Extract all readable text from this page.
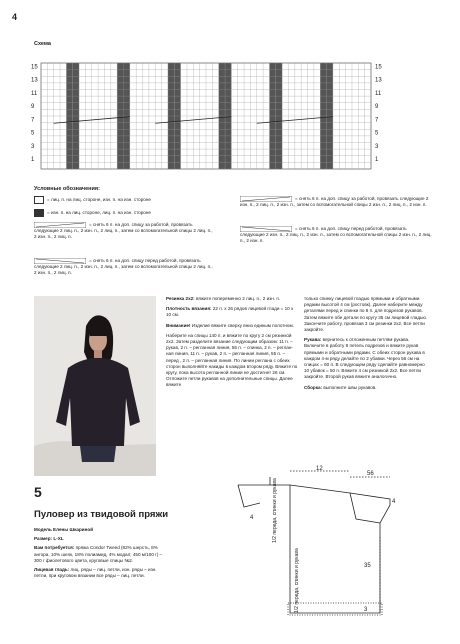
4
Схема
15
13
11
9
7
5
3
1
15
13
11
9
7
5
3
1
Условные обозначения:
= лиц. п. на лиц. стороне, изн. п. на изн. стороне
= изн. п. на лиц. стороне, лиц. п. на изн. стороне
= снять 6 п. на доп. спицу за работой, провязать следующие 2 лиц. п., 2 изн. п., 2 лиц. п., затем со вспомогательной спицы 2 лиц. п., 2 изн. п., 2 лиц. п.
= снять 6 п. на доп. спицу перед работой, провязать следующие 2 лиц. п., 2 изн. п., 2 лиц. п., затем со вспомогательной спицы 2 лиц. п., 2 изн. п., 2 лиц. п.
= снять 6 п. на доп. спицу за работой, провязать следующие 2 изн. п., 2 лиц. п., 2 изн. п., затем со вспомогательной спицы 2 изн. п., 2 лиц. п., 2 изн. п.
= снять 6 п. на доп. спицу перед работой, провязать следующие 2 изн. п., 2 лиц. п., 2 изн. п., затем со вспомогательной спицы 2 изн. п., 2 лиц. п., 2 изн. п.

Резинка 2х2: вяжите попеременно 2 лиц. п., 2 изн. п.

Плотность вязания: 22 п. х 26 рядов лицевой глади = 10 х 10 см.

Внимание! Изделие вяжите сверху вниз единым полотном.

Наберите на спицы 140 п. и вяжите по кругу 2 см резинкой 2х2. Затем разделите вязание следующим образом: 11 п. – рукав, 2 п. – регланная линия, 55 п. – спинка, 2 п. – регланная линия, 11 п. – рукав, 2 п. – регланная линия, 55 п. – перед , 2 п. – регланная линия. По линии реглана с обеих сторон выполняйте накиды в каждом втором ряду. Вяжите по кругу, пока высота регланной линии не достигнет 26 см. Отложите петли рукавов на дополнительные спицы. Далее вяжите

только спинку лицевой гладью прямыми и обратными рядами высотой 4 см (ростовк). Далее наберите между деталями перед и спинки по 8 п. для подрезов рукавов. Затем вяжите обе детали по кругу 35 см лицевой гладью. Закончите работу, провязав 3 см резинки 2х2. Все петли закройте.

Рукава: вернитесь к отложенным петлям рукава. Включите в работу 8 петель подрезов и вяжите рукав прямыми и обратными рядами. С обеих сторон рукава в каждом 4-м ряду делайте по 2 убавки. Через 56 см на спицах = 60 п. В следующем ряду сделайте равномерно 10 убавок = 50 п. Вяжите 4 см резинкой 2х2. Все петли закройте. Второй рукав вяжите аналогично.

Сборка: выполните швы рукавов.

5
Пуловер из твидовой пряжи

Модель Елены Шкариной

Размер: L-XL

Вам потребуется: пряжа Condor Tweed (82% шерсть, 8% ангора, 10% шелк, 18% полиамид, 4% модал; 450 м/100 г) – 300 г фиолетового цвета, круговые спицы №2.

Лицевая гладь: лиц. ряды – лиц. петли, изн. ряды – изн. петли, при круговом вязании все ряды – лиц. петли.

12
56
4
35
3
4	1/2 переда, спинки и рукава
1/2 переда, спинки и рукава
